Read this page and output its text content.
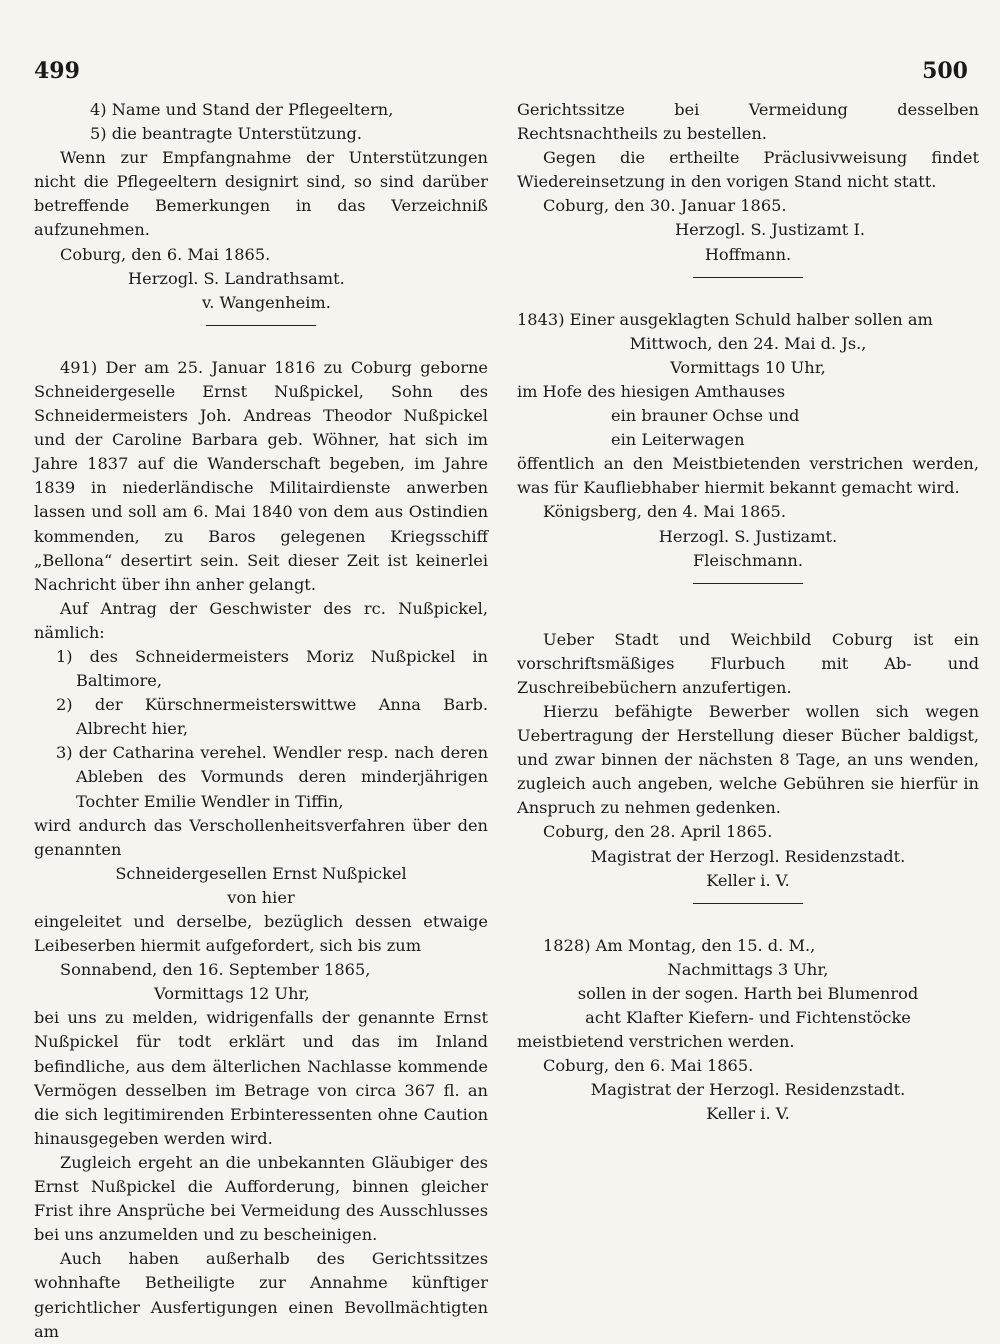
499	500

4) Name und Stand der Pflegeeltern,

5) die beantragte Unterstützung.

Wenn zur Empfangnahme der Unterstützungen nicht die Pflegeeltern designirt sind, so sind darüber betreffende Bemerkungen in das Verzeichniß aufzunehmen.

Coburg, den 6. Mai 1865.

Herzogl. S. Landrathsamt.

v. Wangenheim.

491) Der am 25. Januar 1816 zu Coburg geborne Schneidergeselle Ernst Nußpickel, Sohn des Schneidermeisters Joh. Andreas Theodor Nußpickel und der Caroline Barbara geb. Wöhner, hat sich im Jahre 1837 auf die Wanderschaft begeben, im Jahre 1839 in niederländische Militairdienste anwerben lassen und soll am 6. Mai 1840 von dem aus Ostindien kommenden, zu Baros gelegenen Kriegsschiff „Bellona“ desertirt sein. Seit dieser Zeit ist keinerlei Nachricht über ihn anher gelangt.

Auf Antrag der Geschwister des rc. Nußpickel, nämlich:

1) des Schneidermeisters Moriz Nußpickel in Baltimore,

2) der Kürschnermeisterswittwe Anna Barb. Albrecht hier,

3) der Catharina verehel. Wendler resp. nach deren Ableben des Vormunds deren minderjährigen Tochter Emilie Wendler in Tiffin,

wird andurch das Verschollenheitsverfahren über den genannten

Schneidergesellen Ernst Nußpickel

von hier

eingeleitet und derselbe, bezüglich dessen etwaige Leibeserben hiermit aufgefordert, sich bis zum

Sonnabend, den 16. September 1865,

Vormittags 12 Uhr,

bei uns zu melden, widrigenfalls der genannte Ernst Nußpickel für todt erklärt und das im Inland befindliche, aus dem älterlichen Nachlasse kommende Vermögen desselben im Betrage von circa 367 fl. an die sich legitimirenden Erbinteressenten ohne Caution hinausgegeben werden wird.

Zugleich ergeht an die unbekannten Gläubiger des Ernst Nußpickel die Aufforderung, binnen gleicher Frist ihre Ansprüche bei Vermeidung des Ausschlusses bei uns anzumelden und zu bescheinigen.

Auch haben außerhalb des Gerichtssitzes wohnhafte Betheiligte zur Annahme künftiger gerichtlicher Ausfertigungen einen Bevollmächtigten am

Gerichtssitze bei Vermeidung desselben Rechtsnachtheils zu bestellen.

Gegen die ertheilte Präclusivweisung findet Wiedereinsetzung in den vorigen Stand nicht statt.

Coburg, den 30. Januar 1865.

Herzogl. S. Justizamt I.

Hoffmann.

1843) Einer ausgeklagten Schuld halber sollen am

Mittwoch, den 24. Mai d. Js.,

Vormittags 10 Uhr,

im Hofe des hiesigen Amthauses

ein brauner Ochse und

ein Leiterwagen

öffentlich an den Meistbietenden verstrichen werden, was für Kaufliebhaber hiermit bekannt gemacht wird.

Königsberg, den 4. Mai 1865.

Herzogl. S. Justizamt.

Fleischmann.

Ueber Stadt und Weichbild Coburg ist ein vorschriftsmäßiges Flurbuch mit Ab- und Zuschreibebüchern anzufertigen.

Hierzu befähigte Bewerber wollen sich wegen Uebertragung der Herstellung dieser Bücher baldigst, und zwar binnen der nächsten 8 Tage, an uns wenden, zugleich auch angeben, welche Gebühren sie hierfür in Anspruch zu nehmen gedenken.

Coburg, den 28. April 1865.

Magistrat der Herzogl. Residenzstadt.

Keller i. V.

1828) Am Montag, den 15. d. M.,

Nachmittags 3 Uhr,

sollen in der sogen. Harth bei Blumenrod

acht Klafter Kiefern- und Fichtenstöcke

meistbietend verstrichen werden.

Coburg, den 6. Mai 1865.

Magistrat der Herzogl. Residenzstadt.

Keller i. V.
